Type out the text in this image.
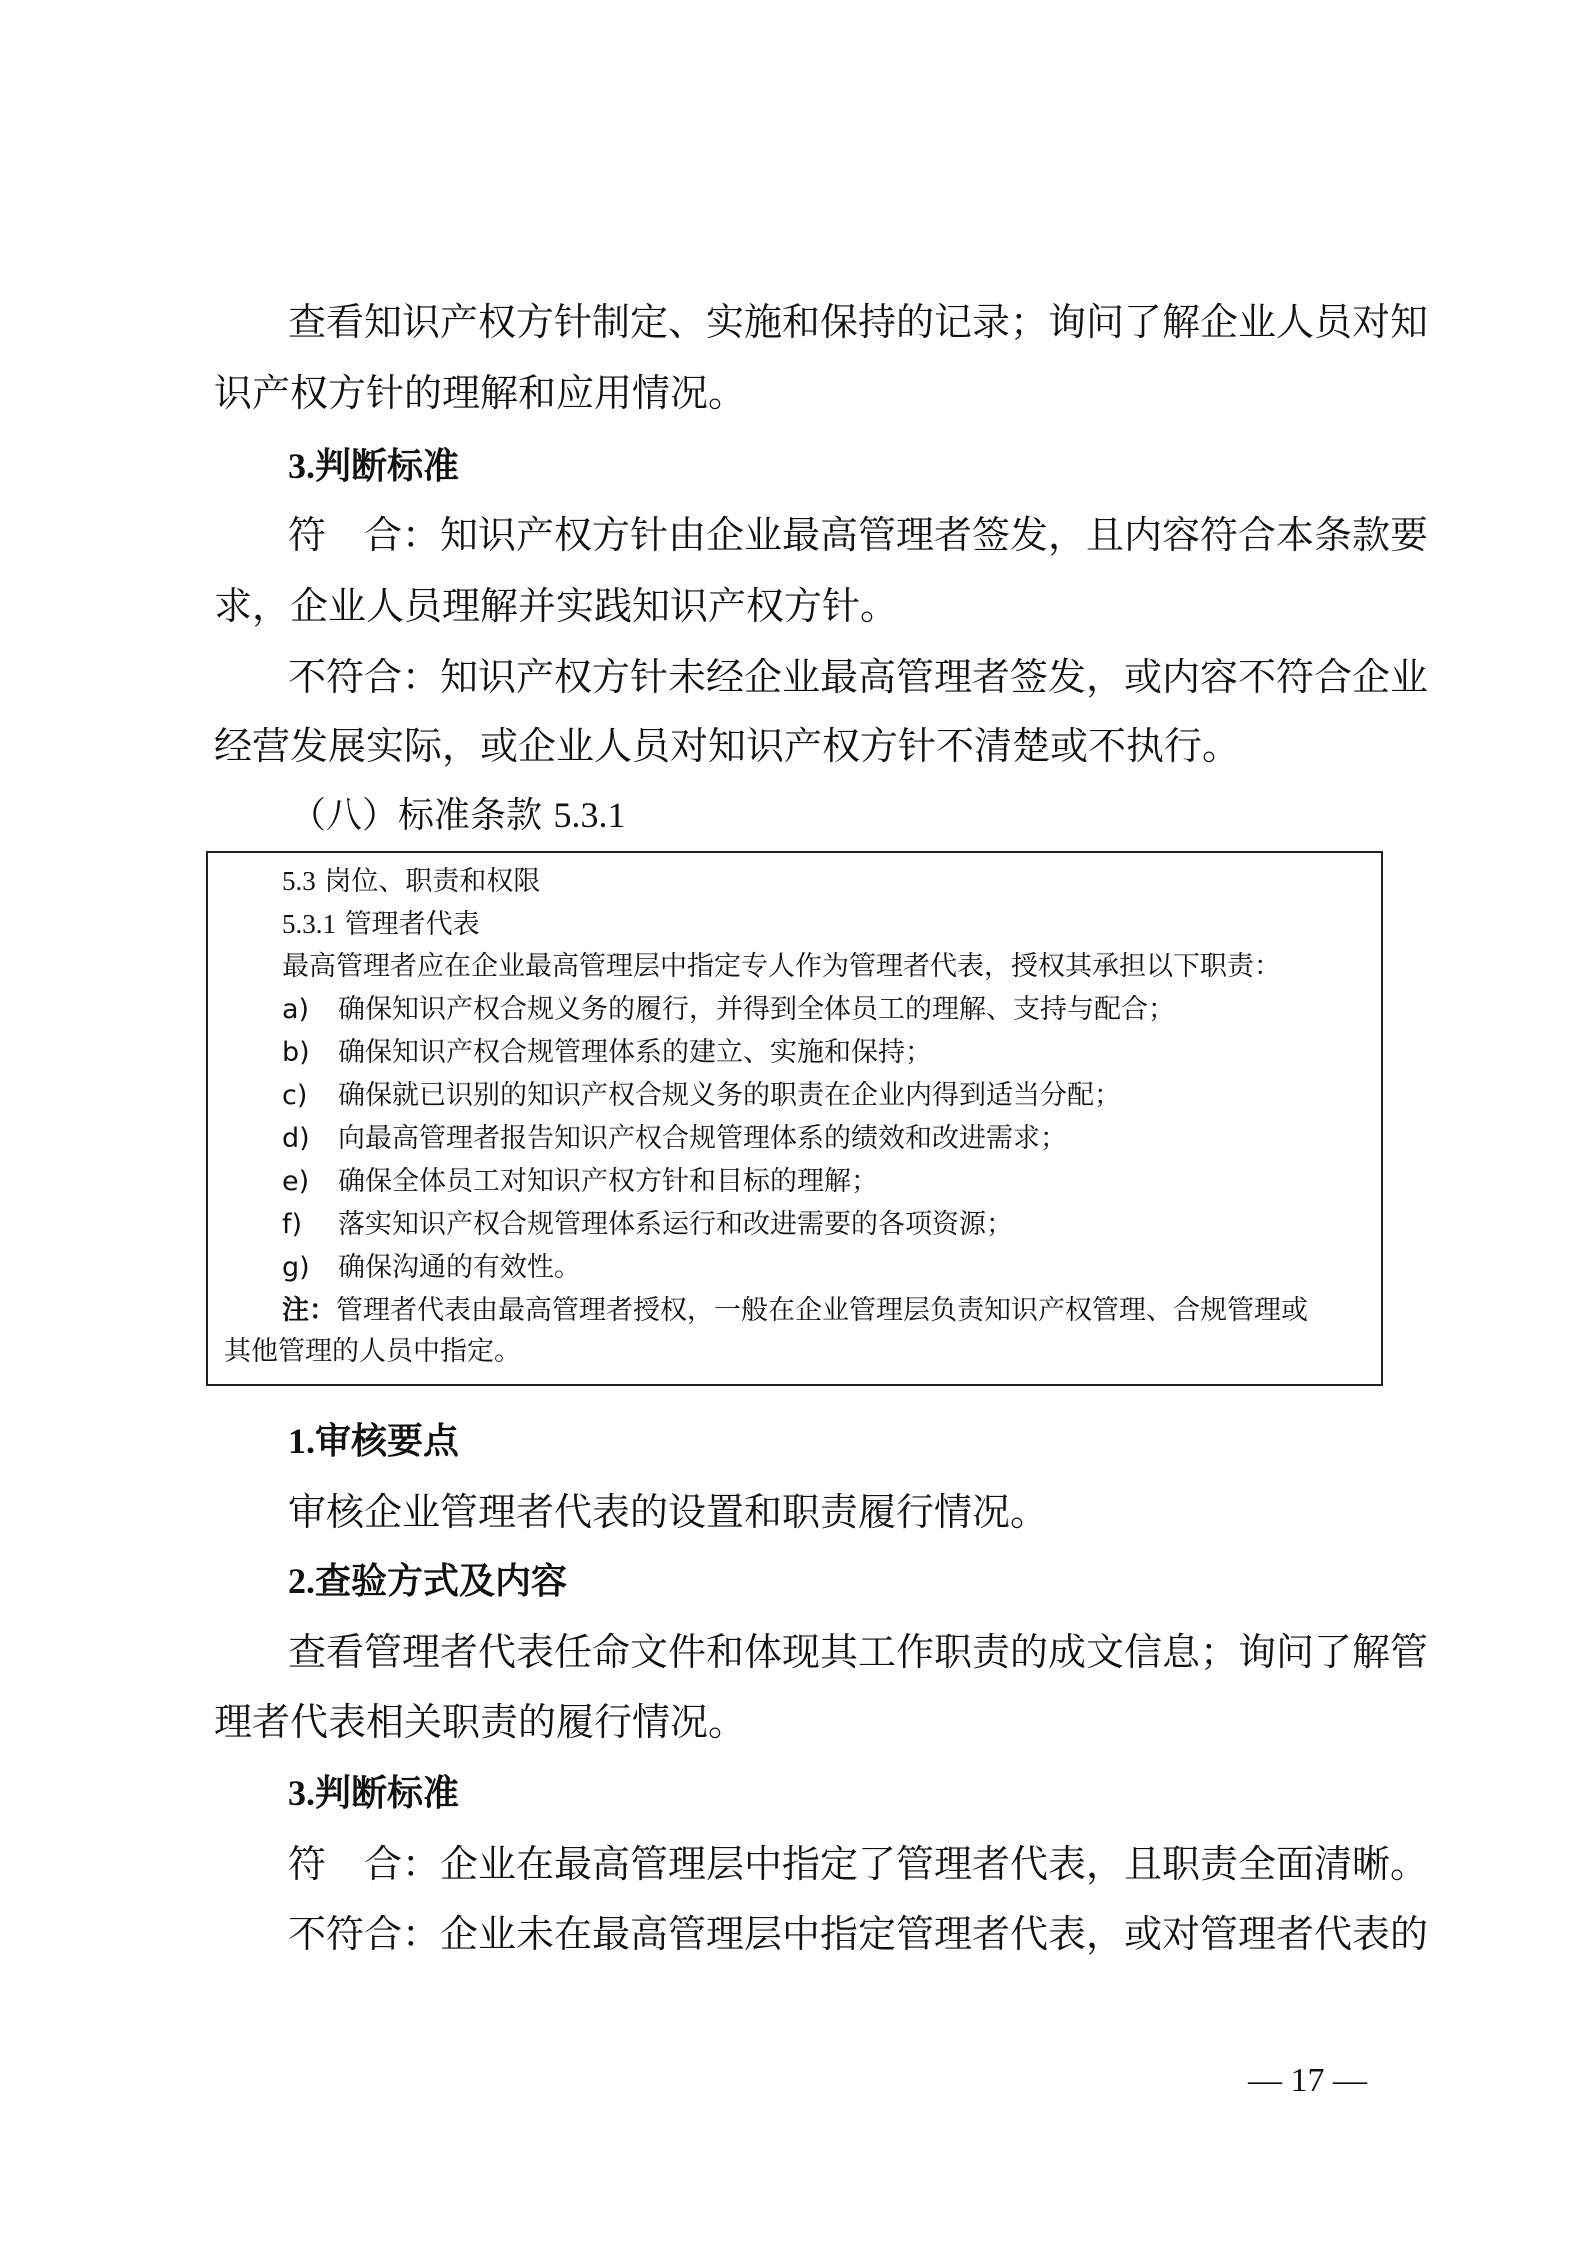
查看知识产权方针制定、实施和保持的记录；询问了解企业人员对知
识产权方针的理解和应用情况。
3.判断标准
符　合：知识产权方针由企业最高管理者签发，且内容符合本条款要
求，企业人员理解并实践知识产权方针。
不符合：知识产权方针未经企业最高管理者签发，或内容不符合企业
经营发展实际，或企业人员对知识产权方针不清楚或不执行。
（八）标准条款 5.3.1
5.3 岗位、职责和权限
5.3.1 管理者代表
最高管理者应在企业最高管理层中指定专人作为管理者代表，授权其承担以下职责：
a) 确保知识产权合规义务的履行，并得到全体员工的理解、支持与配合；
b) 确保知识产权合规管理体系的建立、实施和保持；
c) 确保就已识别的知识产权合规义务的职责在企业内得到适当分配；
d) 向最高管理者报告知识产权合规管理体系的绩效和改进需求；
e) 确保全体员工对知识产权方针和目标的理解；
f) 落实知识产权合规管理体系运行和改进需要的各项资源；
g) 确保沟通的有效性。
注：管理者代表由最高管理者授权，一般在企业管理层负责知识产权管理、合规管理或
其他管理的人员中指定。
1.审核要点
审核企业管理者代表的设置和职责履行情况。
2.查验方式及内容
查看管理者代表任命文件和体现其工作职责的成文信息；询问了解管
理者代表相关职责的履行情况。
3.判断标准
符　合：企业在最高管理层中指定了管理者代表，且职责全面清晰。
不符合：企业未在最高管理层中指定管理者代表，或对管理者代表的
— 17 —
